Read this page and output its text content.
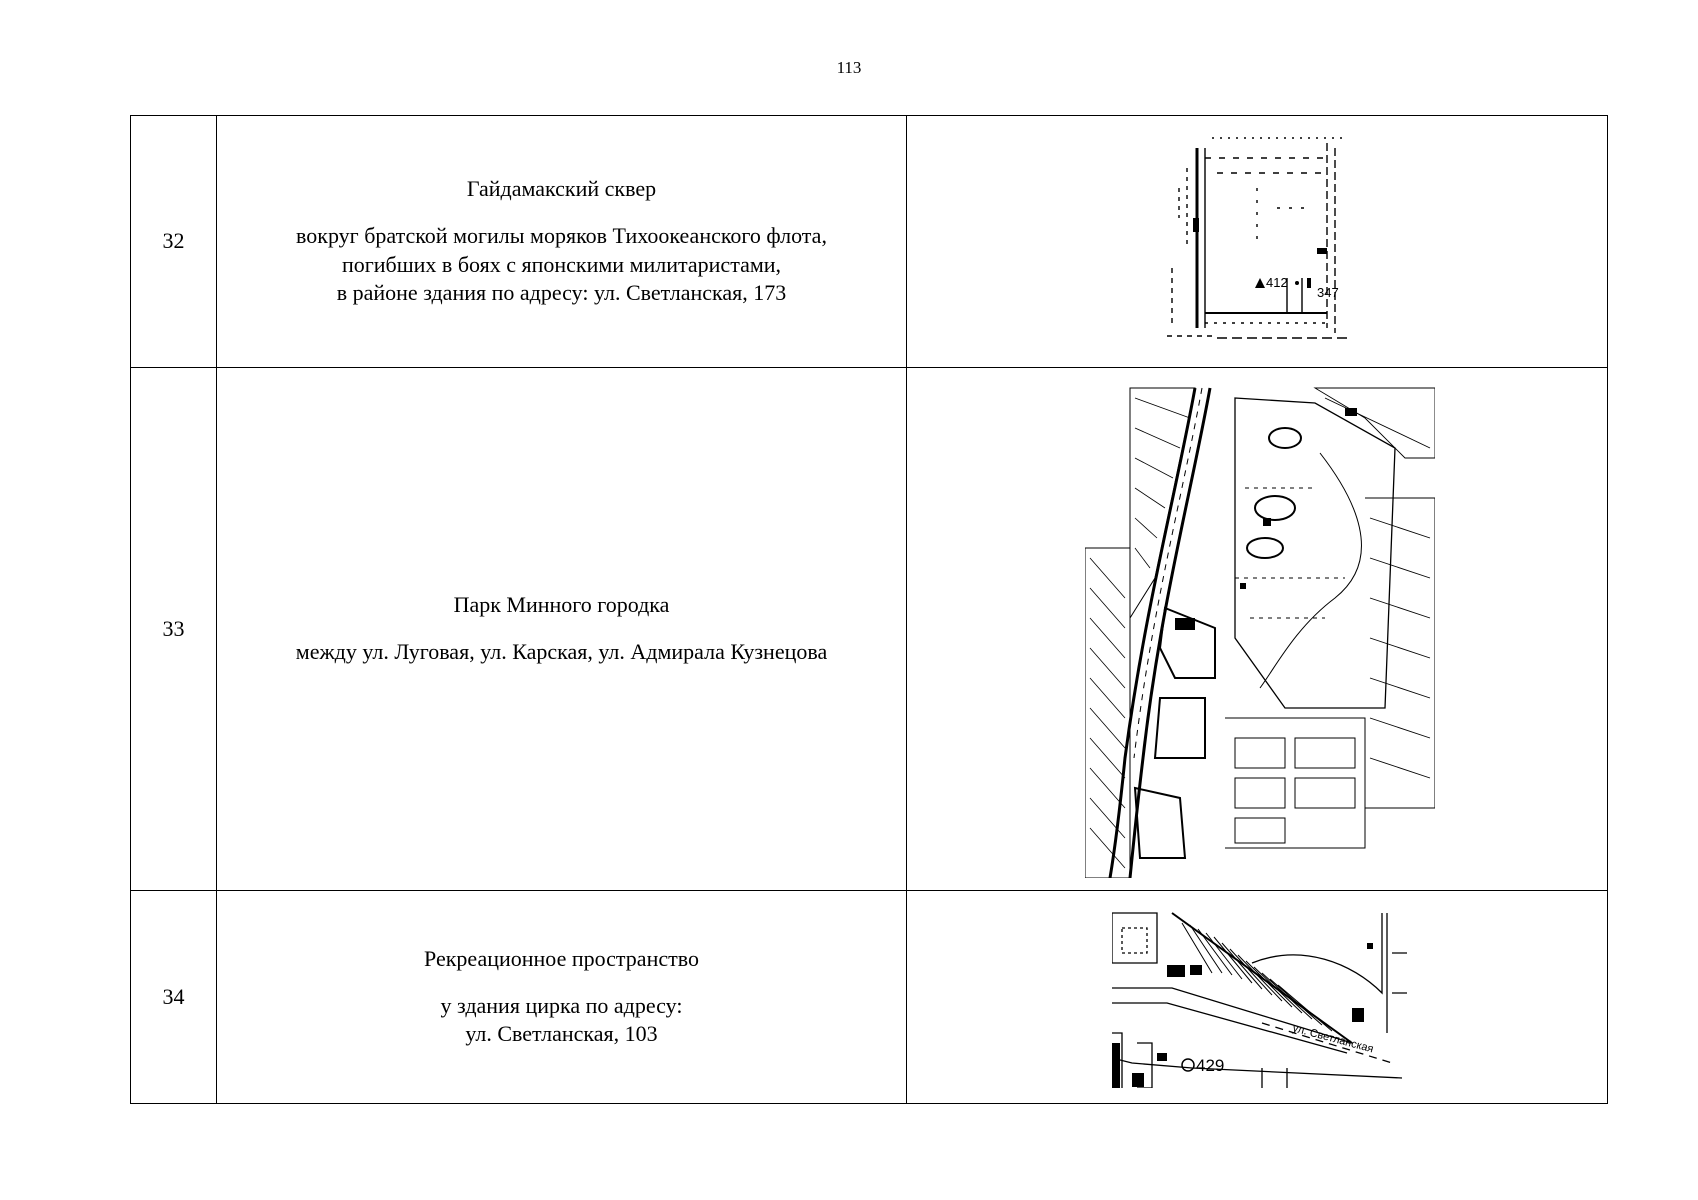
113
32	Гайдамакский сквер
вокруг братской могилы моряков Тихоокеанского флота,
погибших в боях с японскими милитаристами,
в районе здания по адресу: ул. Светланская, 173	412
347

33	Парк Минного городка
между ул. Луговая, ул. Карская, ул. Адмирала Кузнецова

34	Рекреационное пространство
у здания цирка по адресу:
ул. Светланская, 103	429
ул. Светланская
